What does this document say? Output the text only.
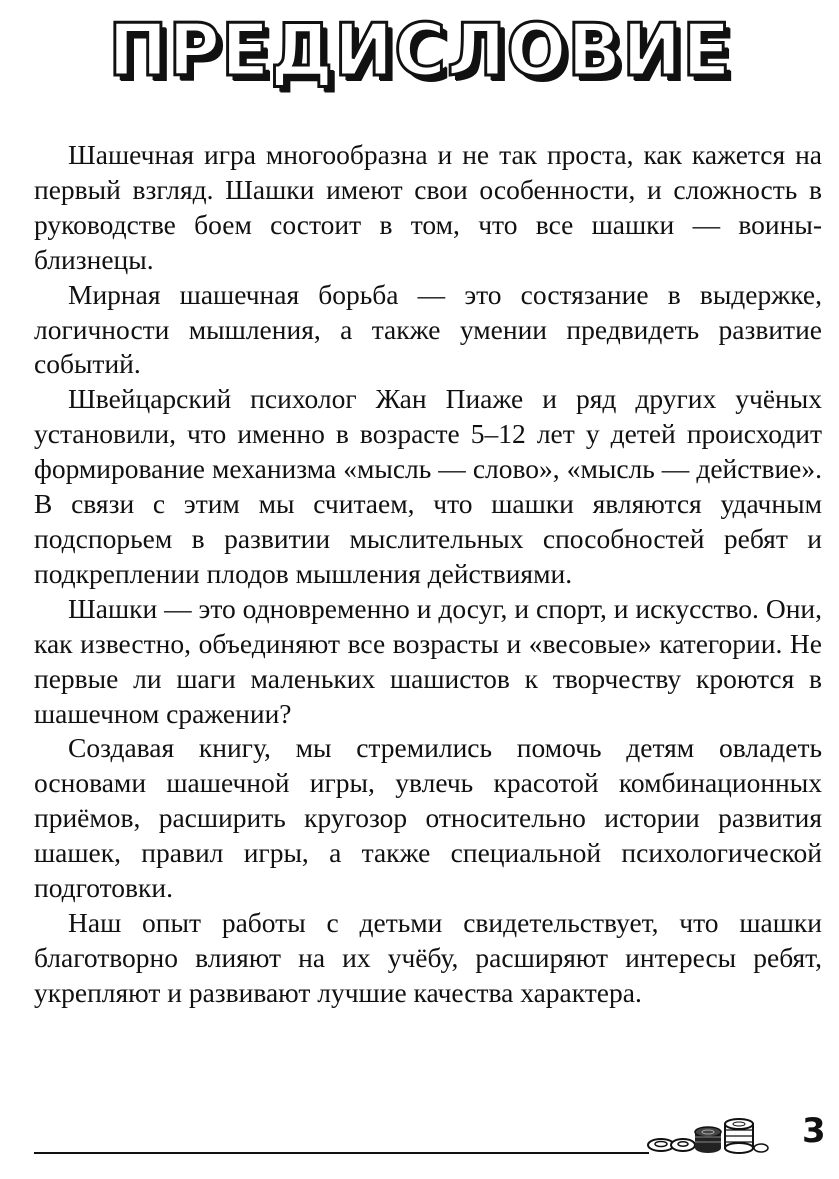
ПРЕДИСЛОВИЕ

Шашечная игра многообразна и не так проста, как кажется на первый взгляд. Шашки имеют свои особенности, и сложность в руководстве боем состоит в том, что все шашки — воины-близнецы.

Мирная шашечная борьба — это состязание в выдержке, логичности мышления, а также умении предвидеть развитие событий.

Швейцарский психолог Жан Пиаже и ряд других учёных установили, что именно в возрасте 5–12 лет у детей происходит формирование механизма «мысль — слово», «мысль — действие». В связи с этим мы считаем, что шашки являются удачным подспорьем в развитии мыслительных способностей ребят и подкреплении плодов мышления действиями.

Шашки — это одновременно и досуг, и спорт, и искусство. Они, как известно, объединяют все возрасты и «весовые» категории. Не первые ли шаги маленьких шашистов к творчеству кроются в шашечном сражении?

Создавая книгу, мы стремились помочь детям овладеть основами шашечной игры, увлечь красотой комбинационных приёмов, расширить кругозор относительно истории развития шашек, правил игры, а также специальной психологической подготовки.

Наш опыт работы с детьми свидетельствует, что шашки благотворно влияют на их учёбу, расширяют интересы ребят, укрепляют и развивают лучшие качества характера.

3
